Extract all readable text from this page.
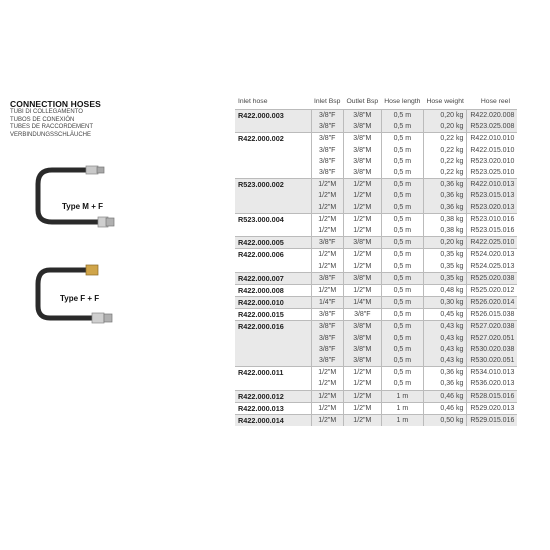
CONNECTION HOSES
TUBI DI COLLEGAMENTO
TUBOS DE CONEXIÓN
TUBES DE RACCORDEMENT
VERBINDUNGSSCHLÄUCHE
Type M + F
Type F + F
Inlet hose	Inlet Bsp	Outlet Bsp	Hose length	Hose weight	Hose reel
R422.000.003	3/8"F	3/8"M	0,5 m	0,20 kg	R422.020.008
	3/8"F	3/8"M	0,5 m	0,20 kg	R523.025.008
R422.000.002	3/8"F	3/8"M	0,5 m	0,22 kg	R422.010.010
	3/8"F	3/8"M	0,5 m	0,22 kg	R422.015.010
	3/8"F	3/8"M	0,5 m	0,22 kg	R523.020.010
	3/8"F	3/8"M	0,5 m	0,22 kg	R523.025.010
R523.000.002	1/2"M	1/2"M	0,5 m	0,36 kg	R422.010.013
	1/2"M	1/2"M	0,5 m	0,36 kg	R523.015.013
	1/2"M	1/2"M	0,5 m	0,36 kg	R523.020.013
R523.000.004	1/2"M	1/2"M	0,5 m	0,38 kg	R523.010.016
	1/2"M	1/2"M	0,5 m	0,38 kg	R523.015.016
R422.000.005	3/8"F	3/8"M	0,5 m	0,20 kg	R422.025.010
R422.000.006	1/2"M	1/2"M	0,5 m	0,35 kg	R524.020.013
	1/2"M	1/2"M	0,5 m	0,35 kg	R524.025.013
R422.000.007	3/8"F	3/8"M	0,5 m	0,35 kg	R525.020.038
R422.000.008	1/2"M	1/2"M	0,5 m	0,48 kg	R525.020.012
R422.000.010	1/4"F	1/4"M	0,5 m	0,30 kg	R526.020.014
R422.000.015	3/8"F	3/8"F	0,5 m	0,45 kg	R526.015.038
R422.000.016	3/8"F	3/8"M	0,5 m	0,43 kg	R527.020.038
	3/8"F	3/8"M	0,5 m	0,43 kg	R527.020.051
	3/8"F	3/8"M	0,5 m	0,43 kg	R530.020.038
	3/8"F	3/8"M	0,5 m	0,43 kg	R530.020.051
R422.000.011	1/2"M	1/2"M	0,5 m	0,36 kg	R534.010.013
	1/2"M	1/2"M	0,5 m	0,36 kg	R536.020.013
R422.000.012	1/2"M	1/2"M	1 m	0,46 kg	R528.015.016
R422.000.013	1/2"M	1/2"M	1 m	0,46 kg	R529.020.013
R422.000.014	1/2"M	1/2"M	1 m	0,50 kg	R529.015.016
